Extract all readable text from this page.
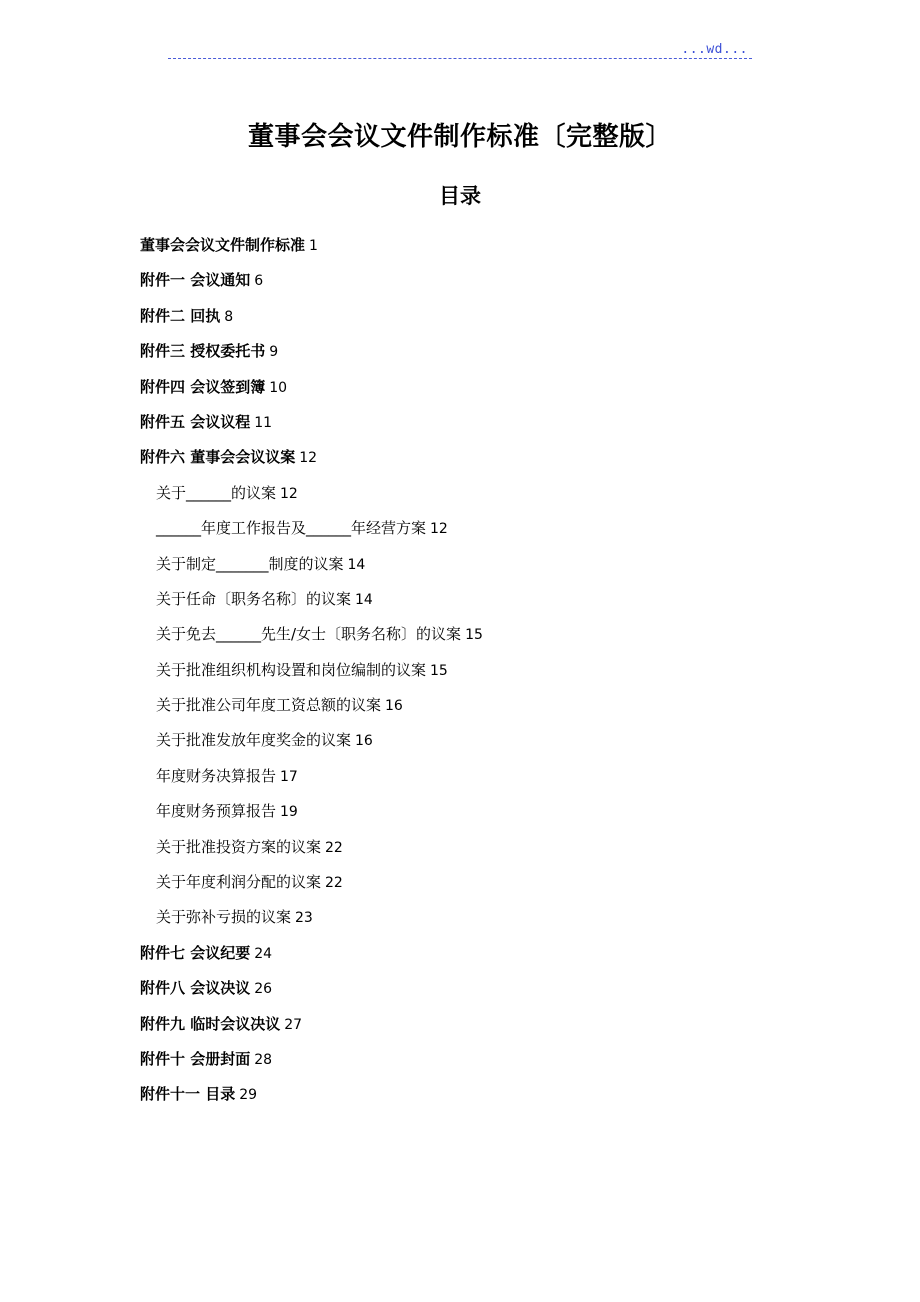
...wd...
董事会会议文件制作标准〔完整版〕
目录
董事会会议文件制作标准 1
附件一 会议通知 6
附件二 回执 8
附件三 授权委托书 9
附件四 会议签到簿 10
附件五 会议议程 11
附件六 董事会会议议案 12
关于______的议案 12
______年度工作报告及______年经营方案 12
关于制定_______制度的议案 14
关于任命〔职务名称〕的议案 14
关于免去______先生/女士〔职务名称〕的议案 15
关于批准组织机构设置和岗位编制的议案 15
关于批准公司年度工资总额的议案 16
关于批准发放年度奖金的议案 16
年度财务决算报告 17
年度财务预算报告 19
关于批准投资方案的议案 22
关于年度利润分配的议案 22
关于弥补亏损的议案 23
附件七 会议纪要 24
附件八 会议决议 26
附件九 临时会议决议 27
附件十 会册封面 28
附件十一 目录 29
